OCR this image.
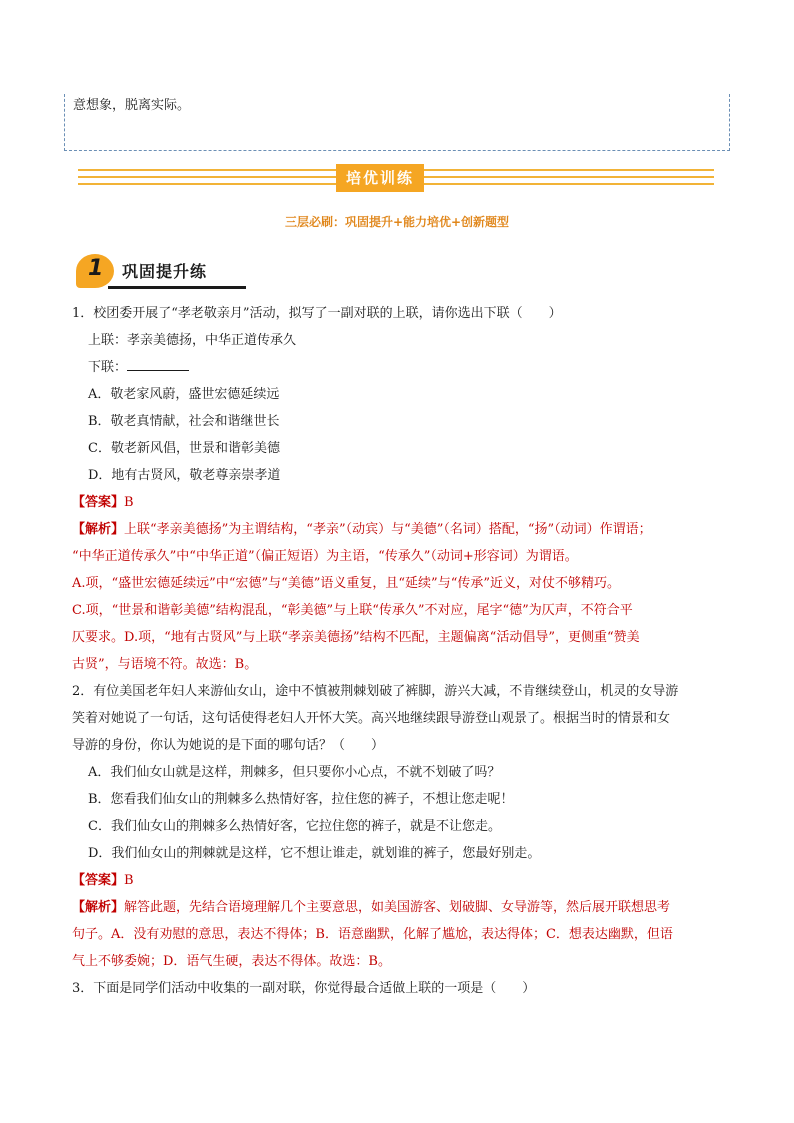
意想象，脱离实际。
培优训练
三层必刷：巩固提升+能力培优+创新题型
1 巩固提升练
1．校团委开展了“孝老敬亲月”活动，拟写了一副对联的上联，请你选出下联（　　）
上联：孝亲美德扬，中华正道传承久
下联：
A．敬老家风蔚，盛世宏德延续远
B．敬老真情献，社会和谐继世长
C．敬老新风倡，世景和谐彰美德
D．地有古贤风，敬老尊亲崇孝道
【答案】B
【解析】上联“孝亲美德扬”为主谓结构，“孝亲”（动宾）与“美德”（名词）搭配，“扬”（动词）作谓语；
“中华正道传承久”中“中华正道”（偏正短语）为主语，“传承久”（动词+形容词）为谓语。
A.项，“盛世宏德延续远”中“宏德”与“美德”语义重复，且“延续”与“传承”近义，对仗不够精巧。
C.项，“世景和谐彰美德”结构混乱，“彰美德”与上联“传承久”不对应，尾字“德”为仄声，不符合平
仄要求。D.项，“地有古贤风”与上联“孝亲美德扬”结构不匹配，主题偏离“活动倡导”，更侧重“赞美
古贤”，与语境不符。故选：B。
2．有位美国老年妇人来游仙女山，途中不慎被荆棘划破了裤脚，游兴大减，不肯继续登山，机灵的女导游
笑着对她说了一句话，这句话使得老妇人开怀大笑。高兴地继续跟导游登山观景了。根据当时的情景和女
导游的身份，你认为她说的是下面的哪句话？（　　）
A．我们仙女山就是这样，荆棘多，但只要你小心点，不就不划破了吗？
B．您看我们仙女山的荆棘多么热情好客，拉住您的裤子，不想让您走呢！
C．我们仙女山的荆棘多么热情好客，它拉住您的裤子，就是不让您走。
D．我们仙女山的荆棘就是这样，它不想让谁走，就划谁的裤子，您最好别走。
【答案】B
【解析】解答此题，先结合语境理解几个主要意思，如美国游客、划破脚、女导游等，然后展开联想思考
句子。A．没有劝慰的意思，表达不得体；B．语意幽默，化解了尴尬，表达得体；C．想表达幽默，但语
气上不够委婉；D．语气生硬，表达不得体。故选：B。
3．下面是同学们活动中收集的一副对联，你觉得最合适做上联的一项是（　　）
